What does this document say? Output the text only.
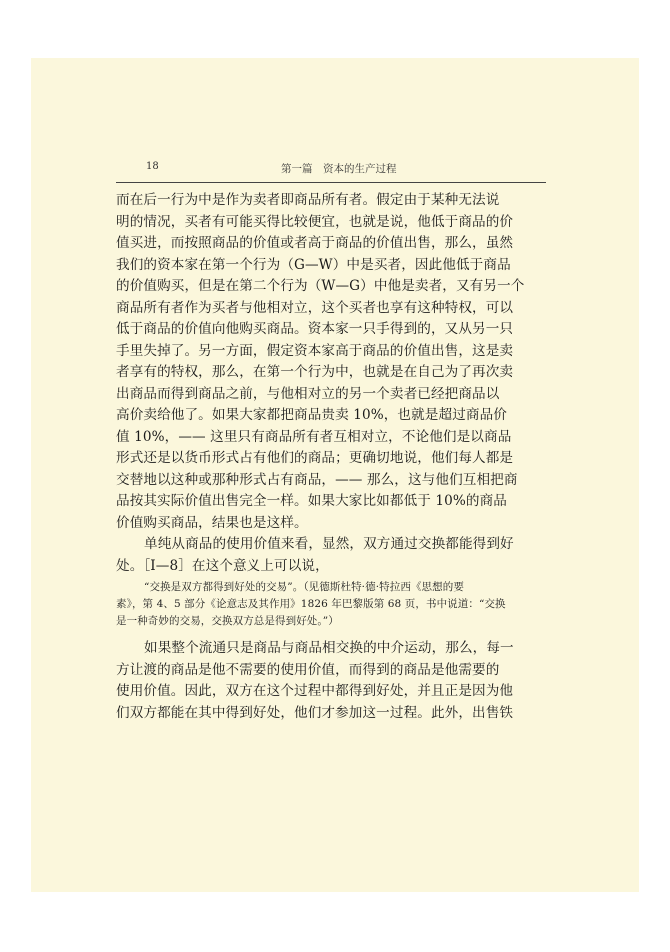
18	第一篇　资本的生产过程

而在后一行为中是作为卖者即商品所有者。假定由于某种无法说
明的情况，买者有可能买得比较便宜，也就是说，他低于商品的价
值买进，而按照商品的价值或者高于商品的价值出售，那么，虽然
我们的资本家在第一个行为（G—W）中是买者，因此他低于商品
的价值购买，但是在第二个行为（W—G）中他是卖者，又有另一个
商品所有者作为买者与他相对立，这个买者也享有这种特权，可以
低于商品的价值向他购买商品。资本家一只手得到的，又从另一只
手里失掉了。另一方面，假定资本家高于商品的价值出售，这是卖
者享有的特权，那么，在第一个行为中，也就是在自己为了再次卖
出商品而得到商品之前，与他相对立的另一个卖者已经把商品以
高价卖给他了。如果大家都把商品贵卖 10%，也就是超过商品价
值 10%，—— 这里只有商品所有者互相对立，不论他们是以商品
形式还是以货币形式占有他们的商品；更确切地说，他们每人都是
交替地以这种或那种形式占有商品，—— 那么，这与他们互相把商
品按其实际价值出售完全一样。如果大家比如都低于 10%的商品
价值购买商品，结果也是这样。

单纯从商品的使用价值来看，显然，双方通过交换都能得到好
处。［Ⅰ—8］在这个意义上可以说，

“交换是双方都得到好处的交易”。（见德斯杜特·德·特拉西《思想的要
素》，第 4、5 部分《论意志及其作用》1826 年巴黎版第 68 页，书中说道：“交换
是一种奇妙的交易，交换双方总是得到好处。”）

如果整个流通只是商品与商品相交换的中介运动，那么，每一
方让渡的商品是他不需要的使用价值，而得到的商品是他需要的
使用价值。因此，双方在这个过程中都得到好处，并且正是因为他
们双方都能在其中得到好处，他们才参加这一过程。此外，出售铁
